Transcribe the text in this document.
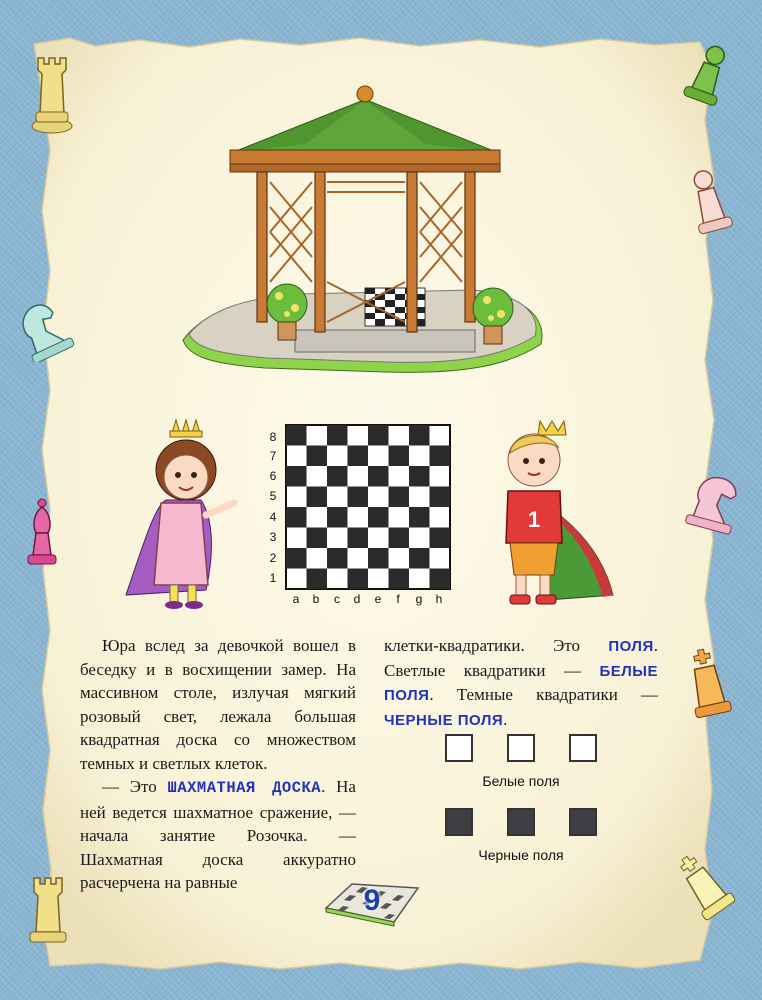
1
8
7
6
5
4
3
2
1
a	b	c	d	e	f	g	h

Юра вслед за девочкой вошел в беседку и в восхищении замер. На массивном столе, излучая мягкий розовый свет, лежала большая квадратная доска со множеством темных и светлых клеток.

— Это ШАХМАТНАЯ ДОСКА. На ней ведется шахматное сражение, — начала занятие Розочка. — Шахматная доска аккуратно расчерчена на равные

клетки-квадратики. Это ПОЛЯ. Светлые квадратики — БЕЛЫЕ ПОЛЯ. Темные квадратики — ЧЕРНЫЕ ПОЛЯ.

Белые поля
Черные поля
9
